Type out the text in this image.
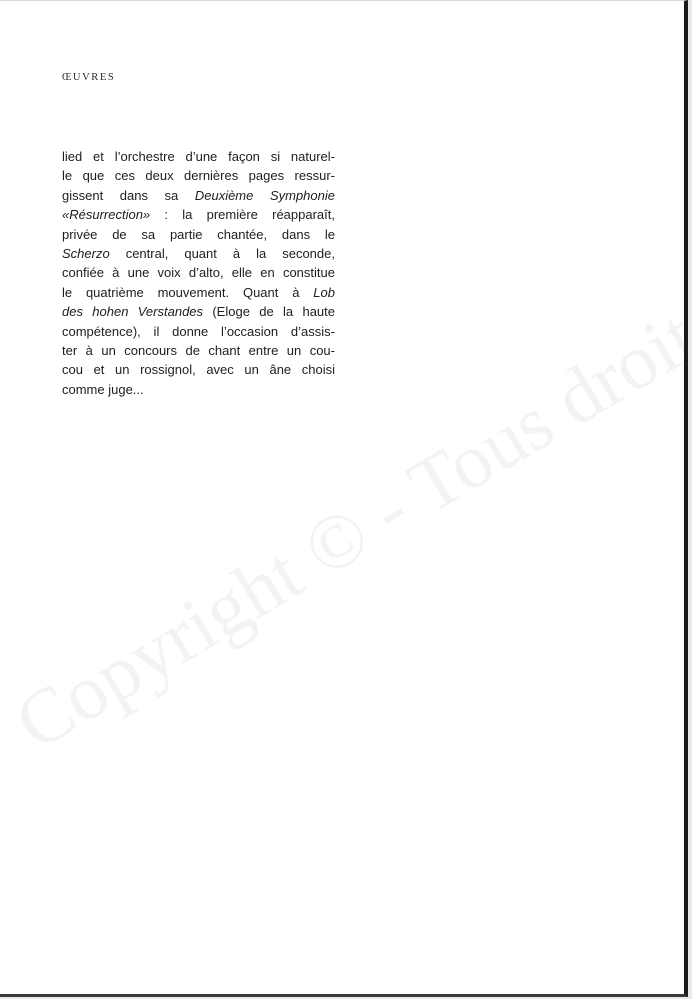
ŒUVRES
lied et l’orchestre d’une façon si naturel-
le que ces deux dernières pages ressur-
gissent dans sa Deuxième Symphonie
«Résurrection» : la première réapparaît,
privée de sa partie chantée, dans le
Scherzo central, quant à la seconde,
confiée à une voix d’alto, elle en constitue
le quatrième mouvement. Quant à Lob
des hohen Verstandes (Eloge de la haute
compétence), il donne l’occasion d’assis-
ter à un concours de chant entre un cou-
cou et un rossignol, avec un âne choisi
comme juge...
